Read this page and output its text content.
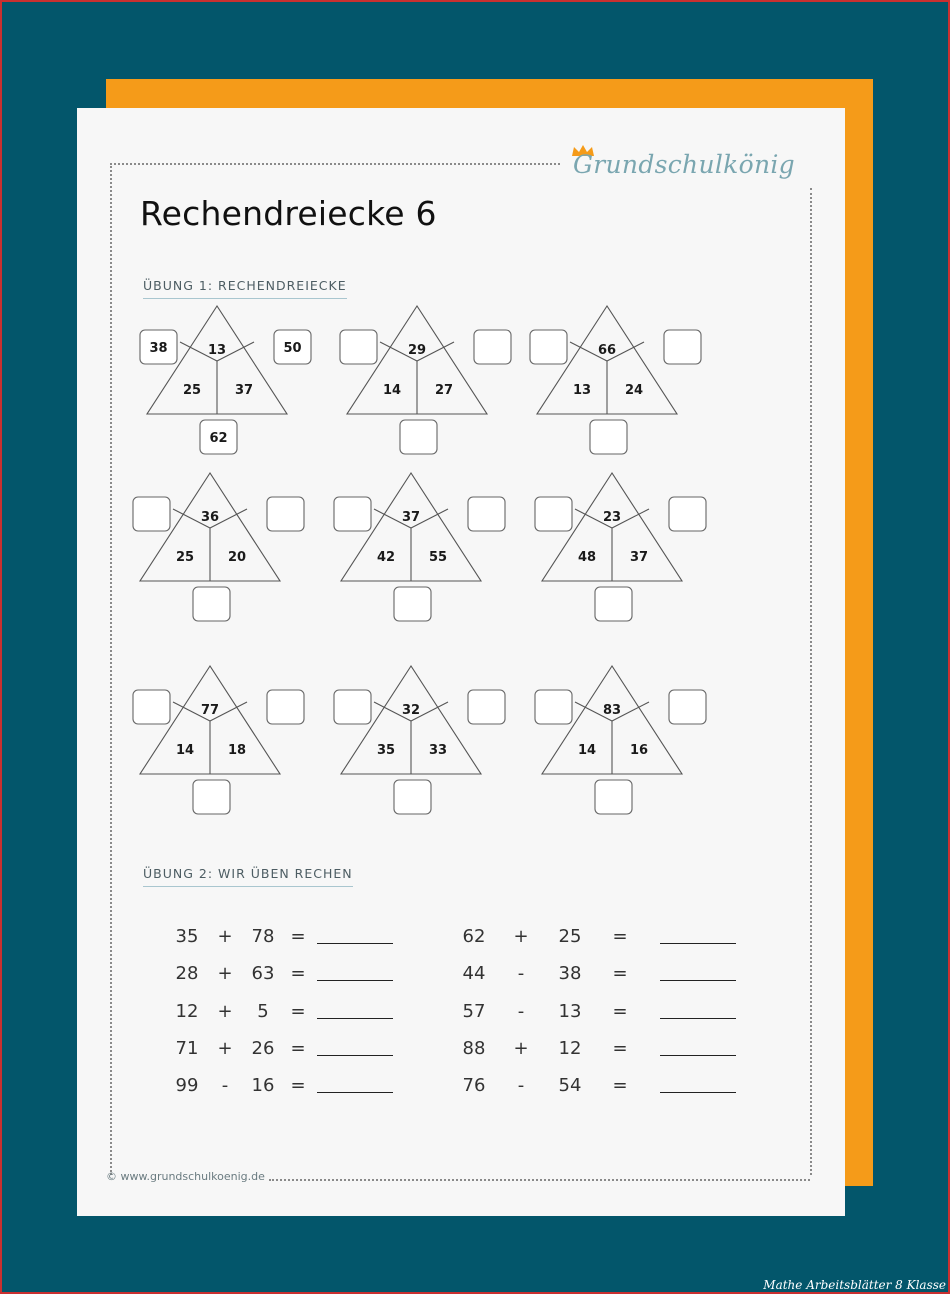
Grundschulkönig
Rechendreiecke 6
ÜBUNG 1: RECHENDREIECKE
13
25	37
38	50
62
29
14	27
66
13	24
36
25	20
37
42	55
23
48	37
77
14	18
32
35	33
83
14	16
ÜBUNG 2: WIR ÜBEN RECHEN
35 + 78 =
28 + 63 =
12 + 5 =
71 + 26 =
99 - 16 =
62 + 25 =
44 - 38 =
57 - 13 =
88 + 12 =
76 - 54 =
© www.grundschulkoenig.de
Mathe Arbeitsblätter 8 Klasse
